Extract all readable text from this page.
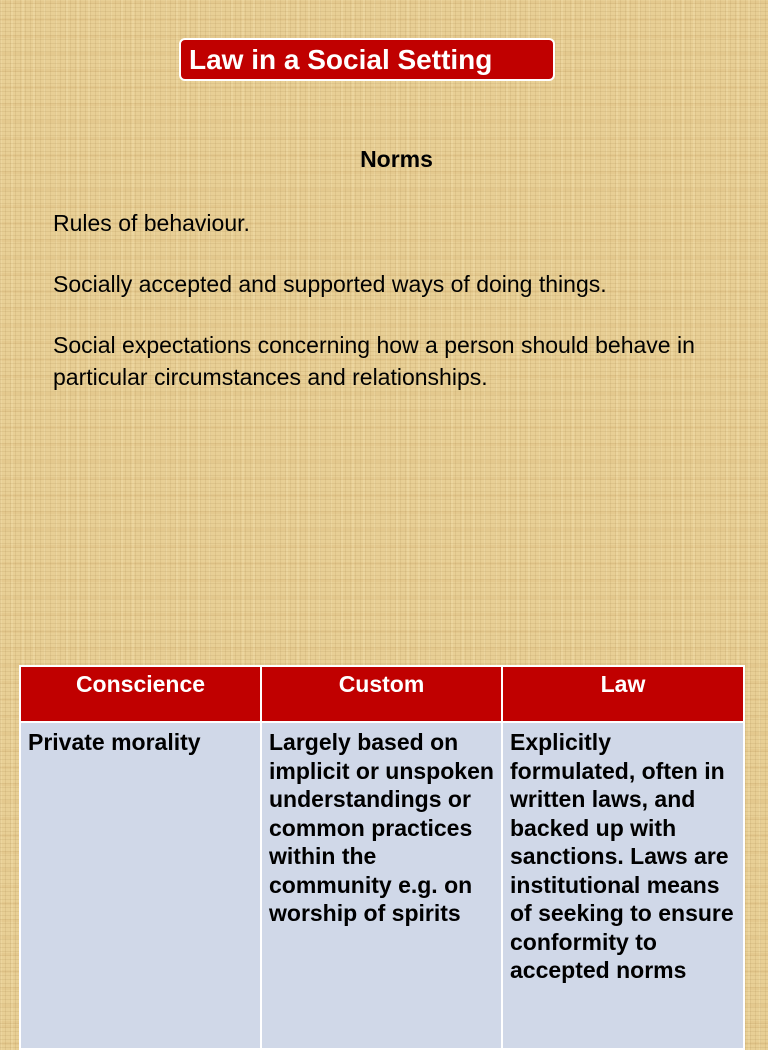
Law in a Social Setting
Norms
Rules of behaviour.
Socially accepted and supported ways of doing things.
Social expectations concerning how a person should behave in particular circumstances and relationships.
Conscience	Custom	Law
Private morality	Largely based on implicit or unspoken understandings or common practices within the community e.g. on worship of spirits	Explicitly formulated, often in written laws, and backed up with sanctions. Laws are institutional means of seeking to ensure conformity to accepted norms
